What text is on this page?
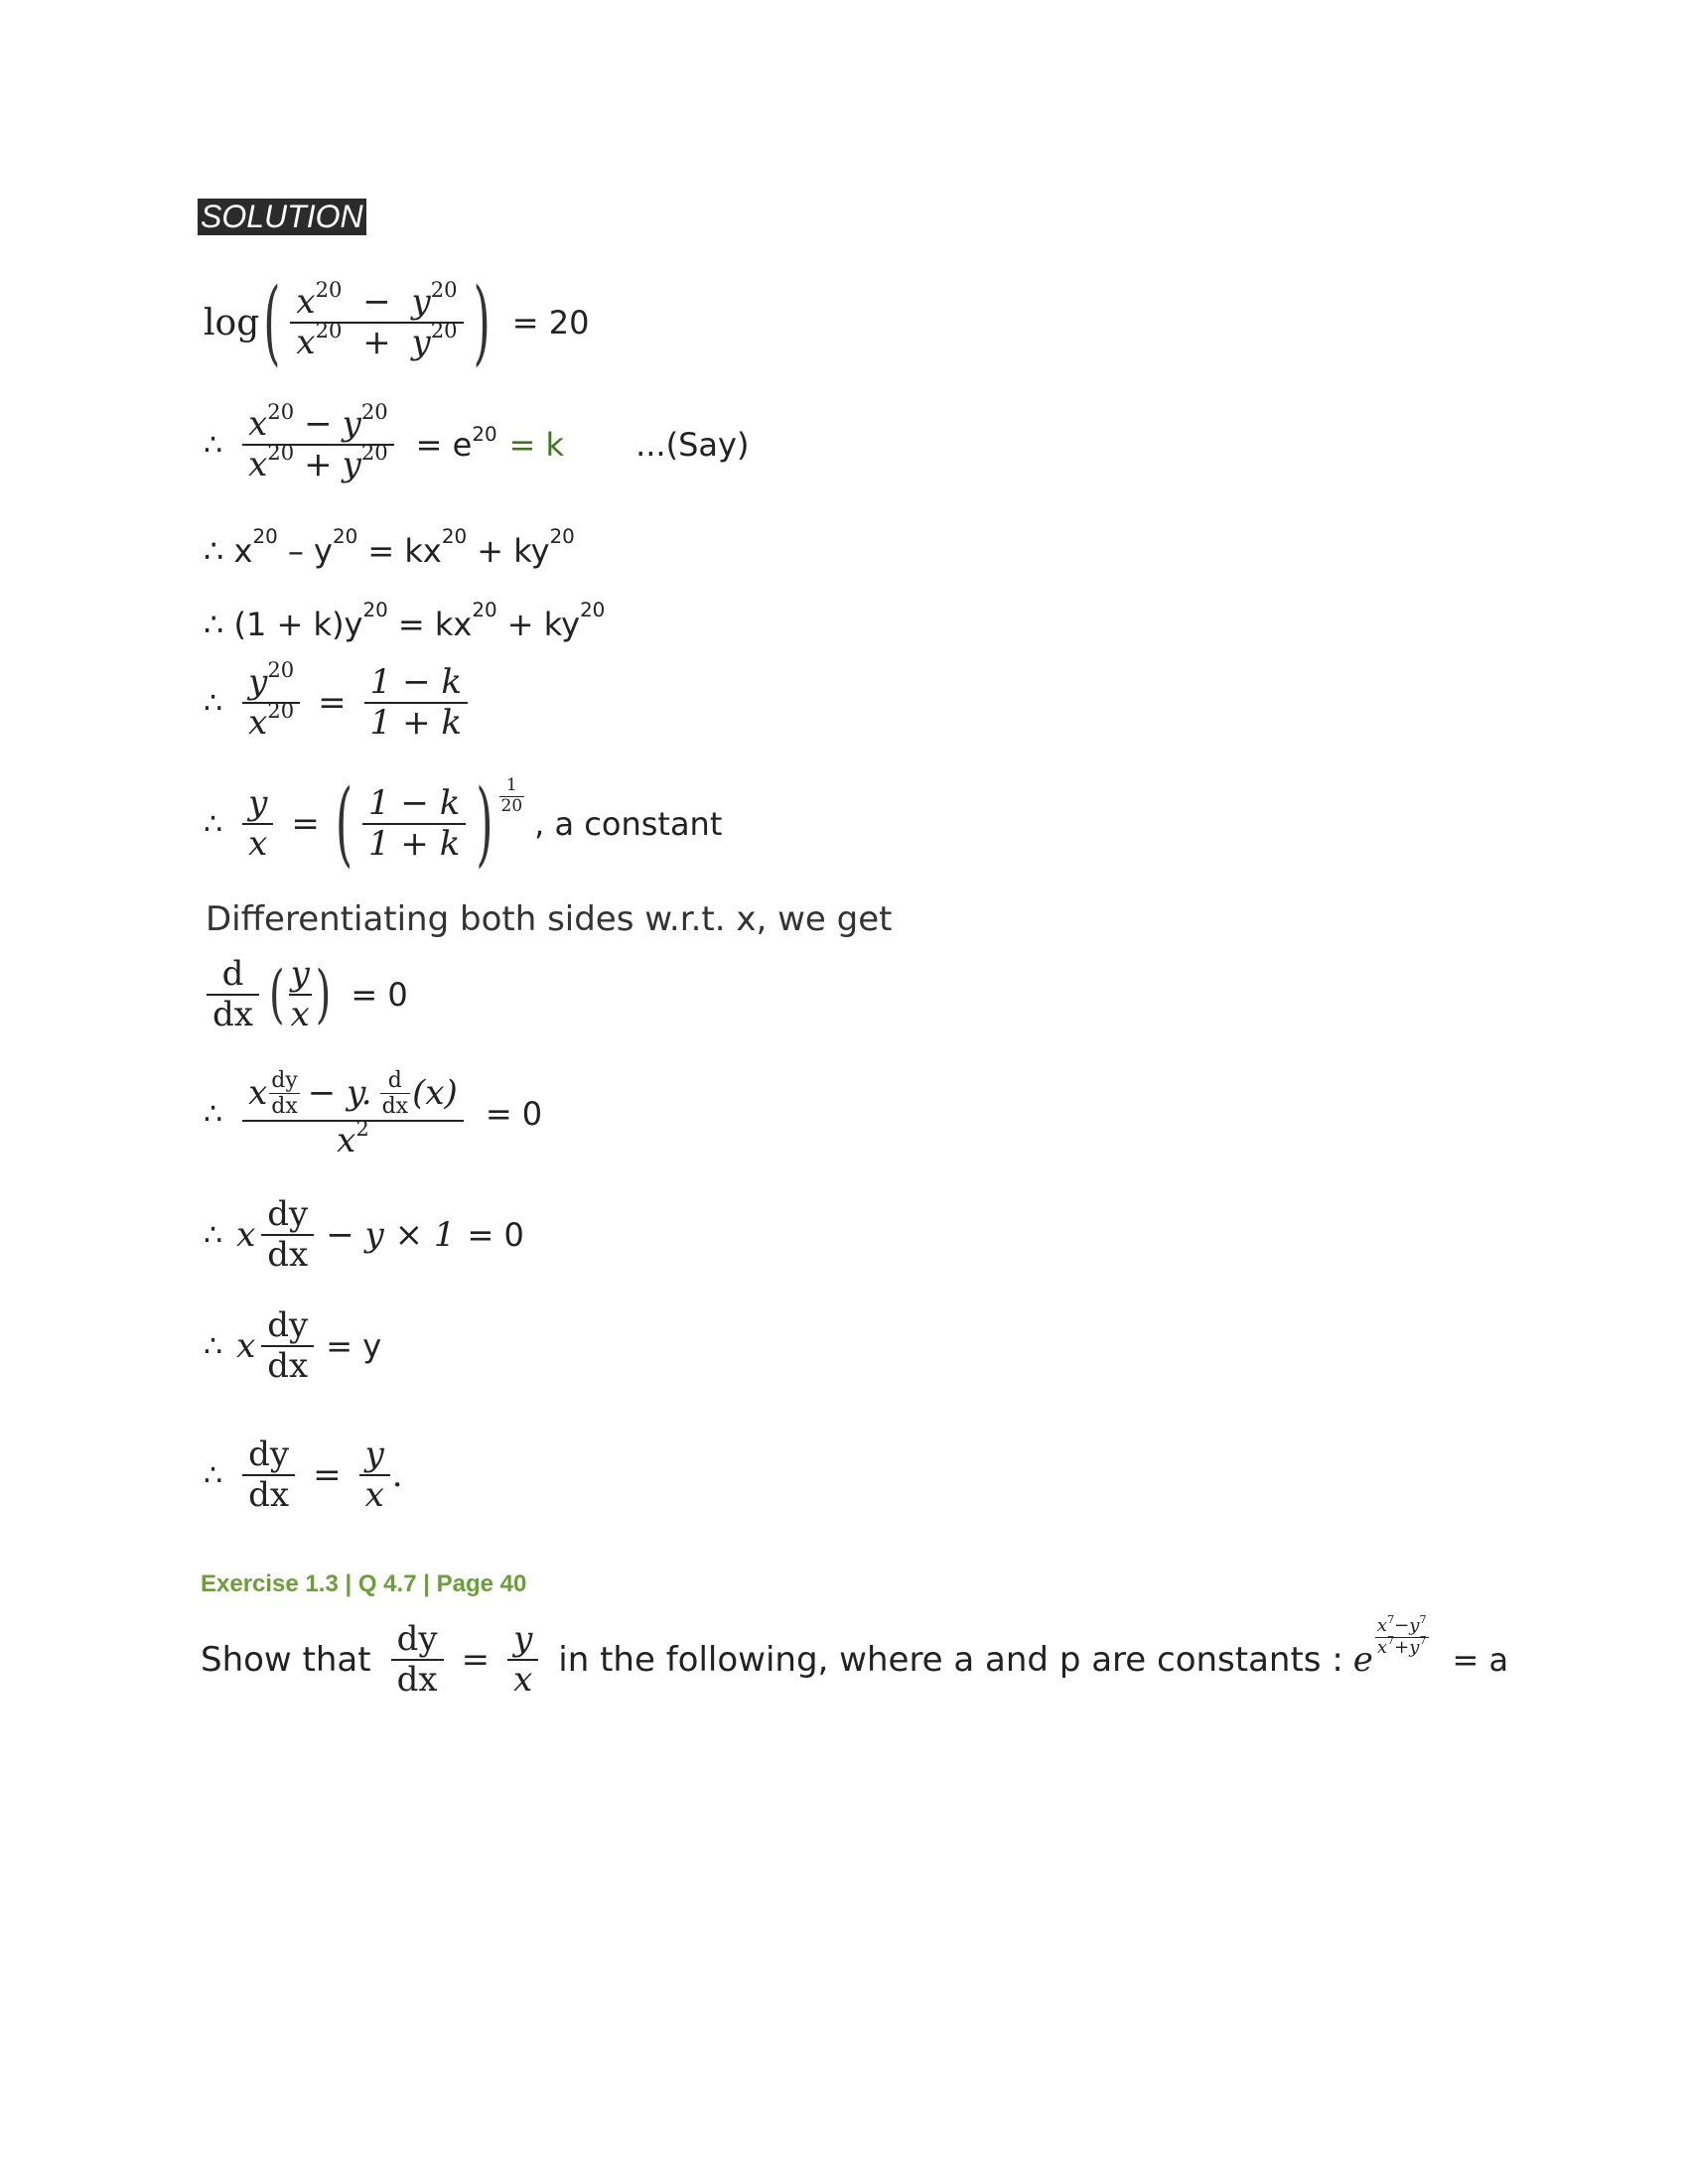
SOLUTION
log ( $\frac{x^{20} - y^{20}}{x^{20} + y^{20}}$ ) = 20
∴ $\frac{x^{20} - y^{20}}{x^{20} + y^{20}} = e^{20} = k$ ...(Say)
∴ $x^{20} - y^{20} = kx^{20} + ky^{20}$
∴ $(1 + k)y^{20} = kx^{20} + ky^{20}$
∴ $\frac{y^{20}}{x^{20}} = \frac{1 - k}{1 + k}$
∴ $\frac{y}{x}$ = ( $\frac{1 - k}{1 + k}$ ) $\frac{1}{20}$
, a constant
Differentiating both sides w.r.t. x, we get
$\frac{d}{dx}$ ( $\frac{y}{x}$ ) = 0
∴
x $\frac{dy}{dx} - y$. $\frac{d}{dx} (x)$
$x^2$	= 0
∴ x $\frac{dy}{dx} - y \times 1 = 0$
∴ x $\frac{dy}{dx} = y$
∴ $\frac{dy}{dx} = \frac{y}{x}$ .
Exercise 1.3 | Q 4.7 | Page 40
Show that $\frac{dy}{dx} = \frac{y}{x}$ in the following, where a and p are constants : e
$\frac{x^7-y^7}{x^7+y^7}$
= a
